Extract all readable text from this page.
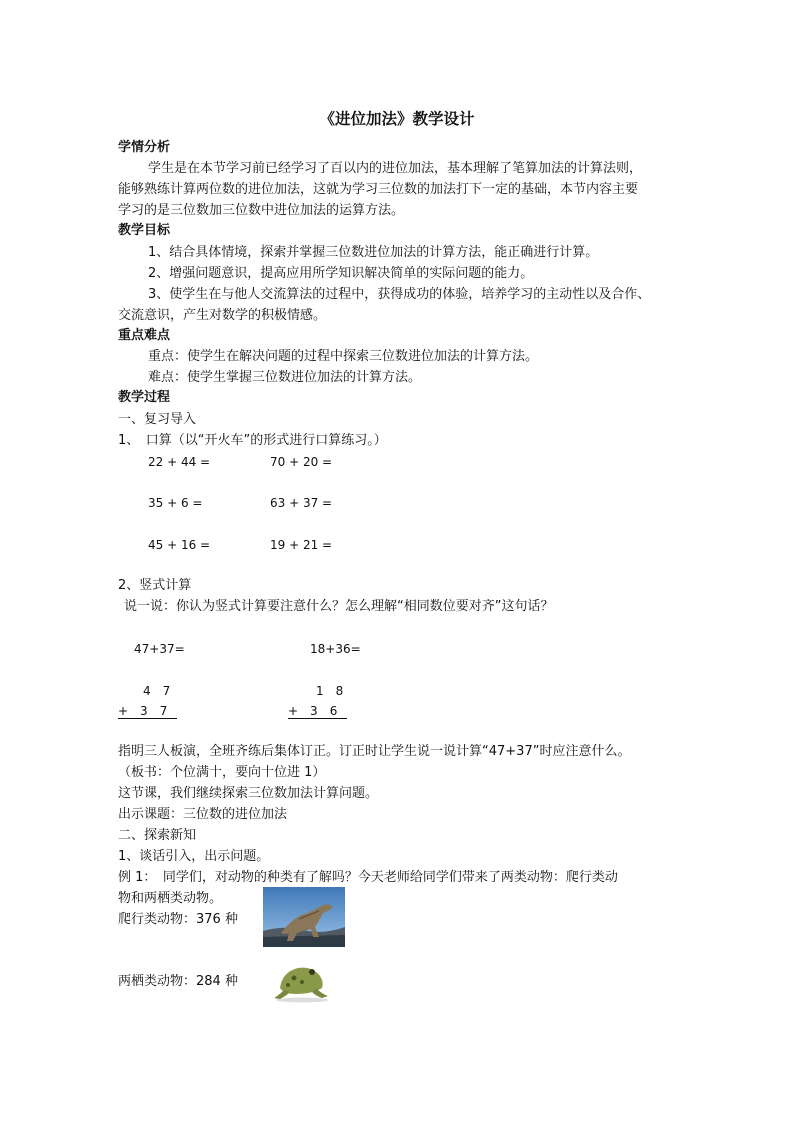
《进位加法》教学设计
学情分析
学生是在本节学习前已经学习了百以内的进位加法，基本理解了笔算加法的计算法则，
能够熟练计算两位数的进位加法，这就为学习三位数的加法打下一定的基础，本节内容主要
学习的是三位数加三位数中进位加法的运算方法。
教学目标
1、结合具体情境，探索并掌握三位数进位加法的计算方法，能正确进行计算。
2、增强问题意识，提高应用所学知识解决简单的实际问题的能力。
3、使学生在与他人交流算法的过程中，获得成功的体验，培养学习的主动性以及合作、
交流意识，产生对数学的积极情感。
重点难点
重点：使学生在解决问题的过程中探索三位数进位加法的计算方法。
难点：使学生掌握三位数进位加法的计算方法。
教学过程
一、复习导入
1、　口算（以“开火车”的形式进行口算练习。）
22 + 44 =	70 + 20 =
35 + 6 =	63 + 37 =
45 + 16 =	19 + 21 =
2、竖式计算
说一说：你认为竖式计算要注意什么？怎么理解“相同数位要对齐”这句话？
47+37=	18+36=
4　7	1　8
+　3　7	+　3　6
指明三人板演，全班齐练后集体订正。订正时让学生说一说计算“47+37”时应注意什么。
（板书：个位满十，要向十位进 1）
这节课，我们继续探索三位数加法计算问题。
出示课题：三位数的进位加法
二、探索新知
1、谈话引入，出示问题。
例 1：　同学们，对动物的种类有了解吗？今天老师给同学们带来了两类动物：爬行类动
物和两栖类动物。
爬行类动物：376 种
两栖类动物：284 种
